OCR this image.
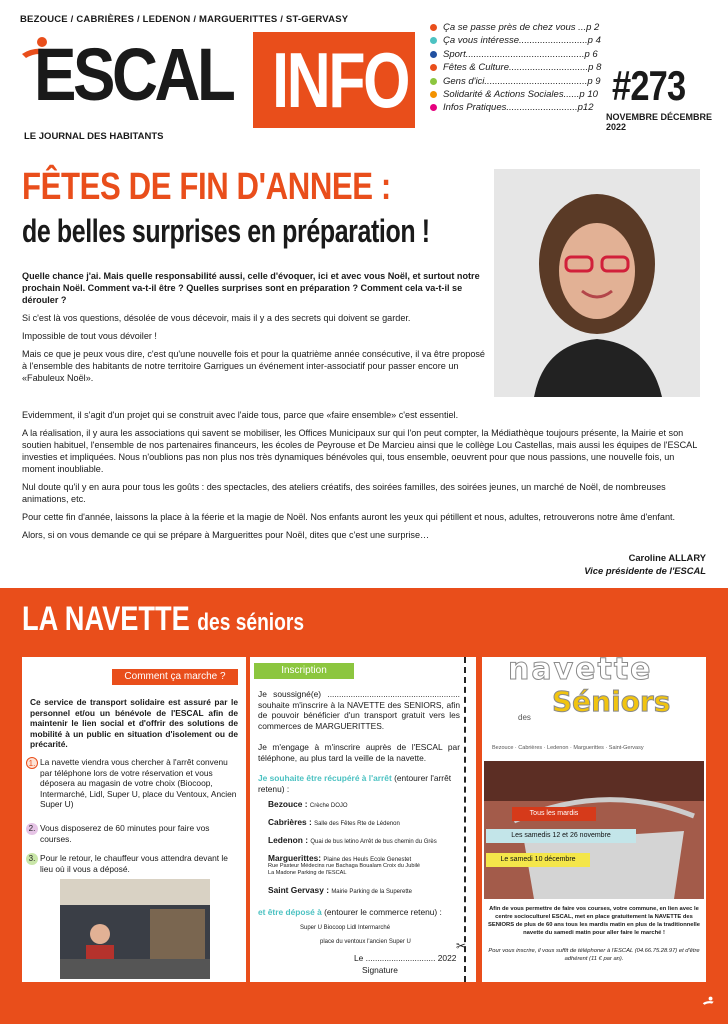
BEZOUCE / CABRIÈRES / LEDENON / MARGUERITTES / ST-GERVASY
ESCAL INFO
LE JOURNAL DES HABITANTS
Ça se passe près de chez vous ...p 2
Ça vous intéresse..........................p 4
Sport.............................................p 6
Fêtes & Culture..............................p 8
Gens d'ici.......................................p 9
Solidarité & Actions Sociales......p 10
Infos Pratiques...........................p12 #273
NOVEMBRE DÉCEMBRE 2022
FÊTES DE FIN D'ANNEE :
de belles surprises en préparation !

Quelle chance j'ai. Mais quelle responsabilité aussi, celle d'évoquer, ici et avec vous Noël, et surtout notre prochain Noël. Comment va-t-il être ? Quelles surprises sont en préparation ? Comment cela va-t-il se dérouler ?

Si c'est là vos questions, désolée de vous décevoir, mais il y a des secrets qui doivent se garder.

Impossible de tout vous dévoiler !

Mais ce que je peux vous dire, c'est qu'une nouvelle fois et pour la quatrième année consécutive, il va être proposé à l'ensemble des habitants de notre territoire Garrigues un événement inter-associatif pour passer encore un «Fabuleux Noël».

Evidemment, il s'agit d'un projet qui se construit avec l'aide tous, parce que «faire ensemble» c'est essentiel.

A la réalisation, il y aura les associations qui savent se mobiliser, les Offices Municipaux sur qui l'on peut compter, la Médiathèque toujours présente, la Mairie et son soutien habituel, l'ensemble de nos partenaires financeurs, les écoles de Peyrouse et De Marcieu ainsi que le collège Lou Castellas, mais aussi les équipes de l'ESCAL investies et impliquées. Nous n'oublions pas non plus nos très dynamiques bénévoles qui, tous ensemble, oeuvrent pour que nous passions, une nouvelle fois, un moment inoubliable.

Nul doute qu'il y en aura pour tous les goûts : des spectacles, des ateliers créatifs, des soirées familles, des soirées jeunes, un marché de Noël, de nombreuses animations, etc.

Pour cette fin d'année, laissons la place à la féerie et la magie de Noël. Nos enfants auront les yeux qui pétillent et nous, adultes, retrouverons notre âme d'enfant.

Alors, si on vous demande ce qui se prépare à Marguerittes pour Noël, dites que c'est une surprise…

Caroline ALLARY
Vice présidente de l'ESCAL
LA NAVETTE des séniors
Comment ça marche ?
Ce service de transport solidaire est assuré par le personnel et/ou un bénévole de l'ESCAL afin de maintenir le lien social et d'offrir des solutions de mobilité à un public en situation d'isolement ou de précarité.
1. La navette viendra vous chercher à l'arrêt convenu par téléphone lors de votre réservation et vous déposera au magasin de votre choix (Biocoop, Intermarché, Lidl, Super U, place du Ventoux, Ancien Super U)
2. Vous disposerez de 60 minutes pour faire vos courses.
3. Pour le retour, le chauffeur vous attendra devant le lieu où il vous a déposé.
Inscription
Je soussigné(e) ......................................................... souhaite m'inscrire à la NAVETTE des SENIORS, afin de pouvoir bénéficier d'un transport gratuit vers les commerces de MARGUERITTES.
Je m'engage à m'inscrire auprès de l'ESCAL par téléphone, au plus tard la veille de la navette.
Je souhaite être récupéré à l'arrêt (entourer l'arrêt retenu) :
Bezouce : Crèche DOJO
Cabrières : Salle des Fêtes Rte de Lédenon
Ledenon : Quai de bus letino Arrêt de bus chemin du Grès
Marguerittes: Plaine des Heuls Ecole Genestet
Rue Pasteur Médecins rue Bachaga Boualam Croix du Jubilé
La Madone Parking de l'ESCAL
Saint Gervasy : Mairie Parking de la Superette
et être déposé à (entourer le commerce retenu) :
Super U Biocoop Lidl Intermarché
place du ventoux l'ancien Super U
Le .............................. 2022
Signature
✂
navette
des Séniors
Bezouce · Cabrières · Ledenon · Marguerittes · Saint-Gervasy
Tous les mardis
Les samedis 12 et 26 novembre
Le samedi 10 décembre
Afin de vous permettre de faire vos courses, votre commune, en lien avec le centre socioculturel ESCAL, met en place gratuitement la NAVETTE des SENIORS de plus de 60 ans tous les mardis matin en plus de la traditionnelle navette du samedi matin pour aller faire le marché !
Pour vous inscrire, il vous suffit de téléphoner à l'ESCAL (04.66.75.28.97) et d'être adhérent (11 € par an).
